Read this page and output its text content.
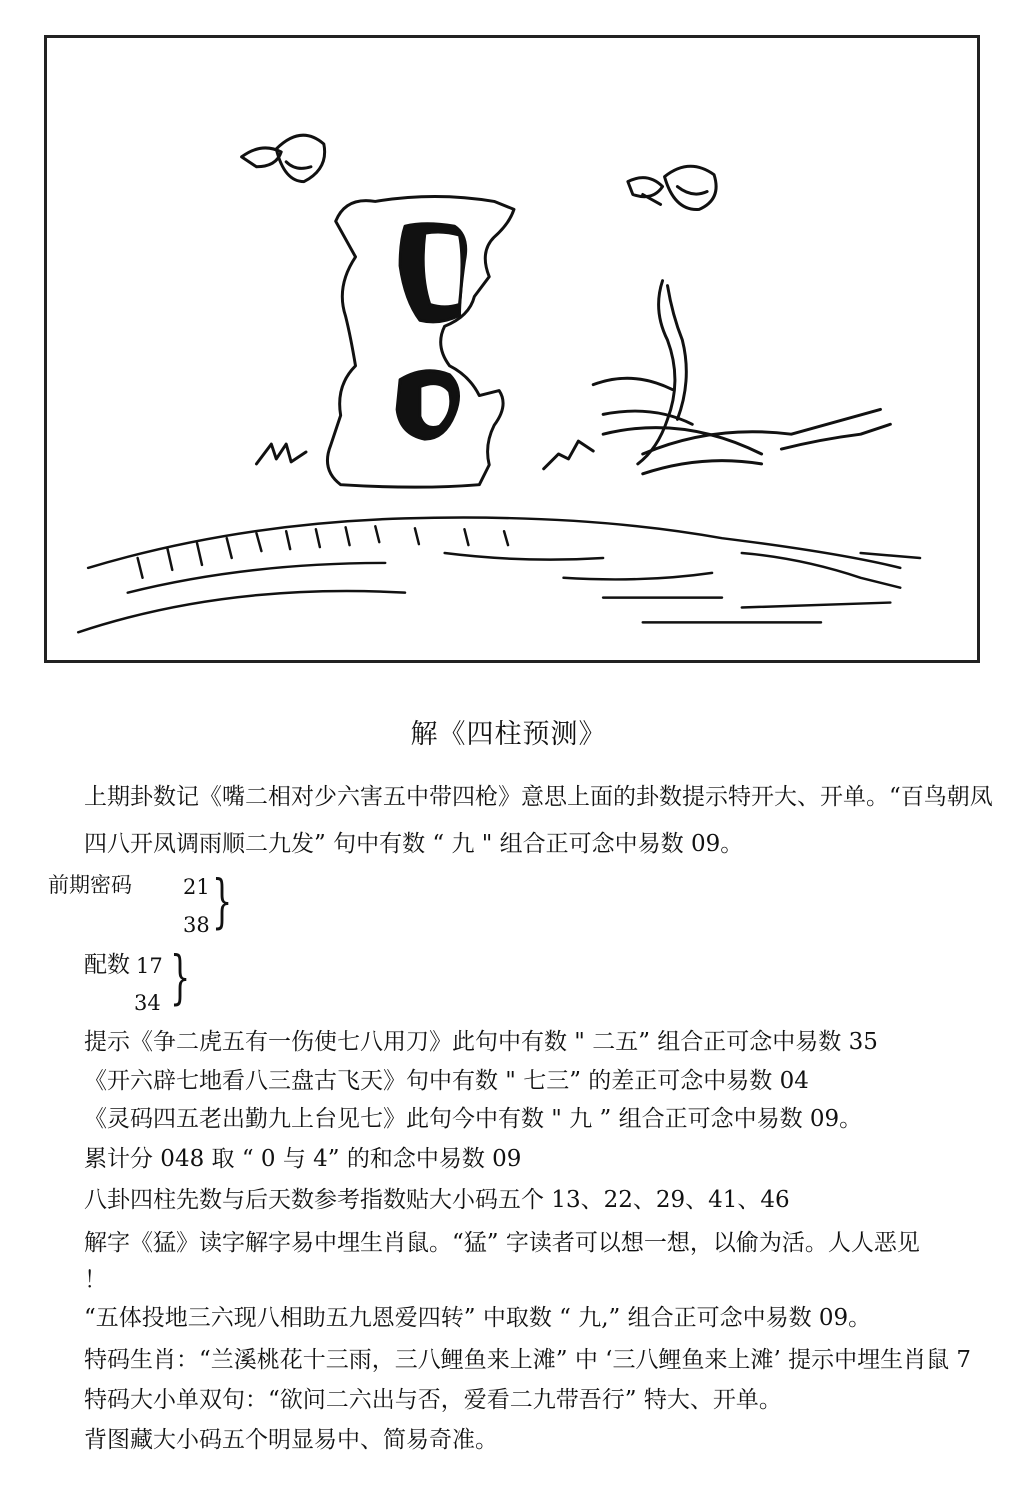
解《四柱预测》
上期卦数记《嘴二相对少六害五中带四枪》意思上面的卦数提示特开大、开单。“百鸟朝凤
四八开凤调雨顺二九发” 句中有数 “ 九 " 组合正可念中易数 09。
前期密码 21
38 }
配数 17
34 }
提示《争二虎五有一伤使七八用刀》此句中有数 " 二五” 组合正可念中易数 35
《开六辟七地看八三盘古飞天》句中有数 " 七三” 的差正可念中易数 04
《灵码四五老出勤九上台见七》此句今中有数 " 九 ” 组合正可念中易数 09。
累计分 048 取 “ 0 与 4” 的和念中易数 09
八卦四柱先数与后天数参考指数贴大小码五个 13、22、29、41、46
解字《猛》读字解字易中埋生肖鼠。“猛” 字读者可以想一想，以偷为活。人人恶见
！
“五体投地三六现八相助五九恩爱四转” 中取数 “ 九,” 组合正可念中易数 09。
特码生肖：“兰溪桃花十三雨，三八鲤鱼来上滩” 中 ‘三八鲤鱼来上滩’ 提示中埋生肖鼠 7
特码大小单双句：“欲问二六出与否，爱看二九带吾行” 特大、开单。
背图藏大小码五个明显易中、简易奇准。
